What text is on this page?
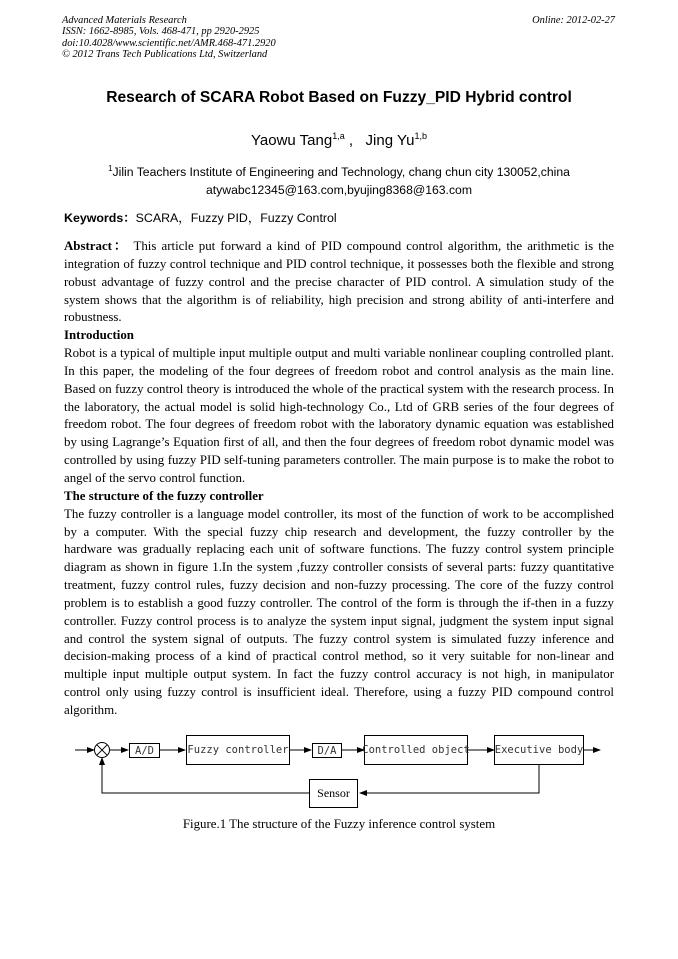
Advanced Materials Research
ISSN: 1662-8985, Vols. 468-471, pp 2920-2925
doi:10.4028/www.scientific.net/AMR.468-471.2920
© 2012 Trans Tech Publications Ltd, Switzerland
Online: 2012-02-27
Research of SCARA Robot Based on Fuzzy_PID Hybrid control
Yaowu Tang$^{1,a}$ ,   Jing Yu$^{1,b}$
$^1$Jilin Teachers Institute of Engineering and Technology, chang chun city 130052,china
atywabc12345@163.com,byujing8368@163.com
Keywords：SCARA，Fuzzy PID，Fuzzy Control

Abstract： This article put forward a kind of PID compound control algorithm, the arithmetic is the integration of fuzzy control technique and PID control technique, it possesses both the flexible and strong robust advantage of fuzzy control and the precise character of PID control. A simulation study of the system shows that the algorithm is of reliability, high precision and strong ability of anti-interfere and robustness.

Introduction

Robot is a typical of multiple input multiple output and multi variable nonlinear coupling controlled plant. In this paper, the modeling of the four degrees of freedom robot and control analysis as the main line. Based on fuzzy control theory is introduced the whole of the practical system with the research process. In the laboratory, the actual model is solid high-technology Co., Ltd of GRB series of the four degrees of freedom robot. The four degrees of freedom robot with the laboratory dynamic equation was established by using Lagrange’s Equation first of all, and then the four degrees of freedom robot dynamic model was controlled by using fuzzy PID self-tuning parameters controller. The main purpose is to make the robot to angel of the servo control function.

The structure of the fuzzy controller

The fuzzy controller is a language model controller, its most of the function of work to be accomplished by a computer. With the special fuzzy chip research and development, the fuzzy controller by the hardware was gradually replacing each unit of software functions. The fuzzy control system principle diagram as shown in figure 1.In the system ,fuzzy controller consists of several parts: fuzzy quantitative treatment, fuzzy control rules, fuzzy decision and non-fuzzy processing. The core of the fuzzy control problem is to establish a good fuzzy controller. The control of the form is through the if-then in a fuzzy controller. Fuzzy control process is to analyze the system input signal, judgment the system input signal and control the system signal of outputs. The fuzzy control system is simulated fuzzy inference and decision-making process of a kind of practical control method, so it very suitable for non-linear and multiple input multiple output system. In fact the fuzzy control accuracy is not high, in manipulator control only using fuzzy control is insufficient ideal. Therefore, using a fuzzy PID compound control algorithm.

A/D	Fuzzy controller	D/A	Controlled object Executive body
Sensor
Figure.1 The structure of the Fuzzy inference control system
